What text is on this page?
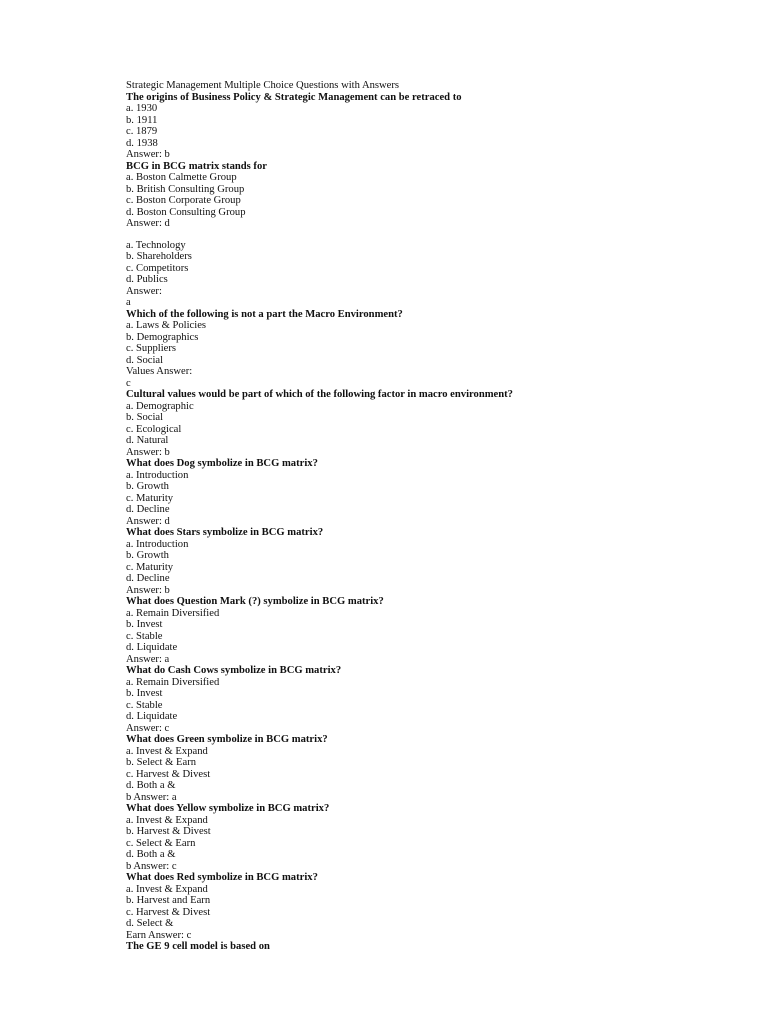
Strategic Management Multiple Choice Questions with Answers
The origins of Business Policy & Strategic Management can be retraced to
a. 1930
b. 1911
c. 1879
d. 1938
Answer: b
BCG in BCG matrix stands for
a. Boston Calmette Group
b. British Consulting Group
c. Boston Corporate Group
d. Boston Consulting Group
Answer: d
a. Technology
b. Shareholders
c. Competitors
d. Publics
Answer:
a
Which of the following is not a part the Macro Environment?
a. Laws & Policies
b. Demographics
c. Suppliers
d. Social
Values Answer:
c
Cultural values would be part of which of the following factor in macro environment?
a. Demographic
b. Social
c. Ecological
d. Natural
Answer: b
What does Dog symbolize in BCG matrix?
a. Introduction
b. Growth
c. Maturity
d. Decline
Answer: d
What does Stars symbolize in BCG matrix?
a. Introduction
b. Growth
c. Maturity
d. Decline
Answer: b
What does Question Mark (?) symbolize in BCG matrix?
a. Remain Diversified
b. Invest
c. Stable
d. Liquidate
Answer: a
What do Cash Cows symbolize in BCG matrix?
a. Remain Diversified
b. Invest
c. Stable
d. Liquidate
Answer: c
What does Green symbolize in BCG matrix?
a. Invest & Expand
b. Select & Earn
c. Harvest & Divest
d. Both a &
b Answer: a
What does Yellow symbolize in BCG matrix?
a. Invest & Expand
b. Harvest & Divest
c. Select & Earn
d. Both a &
b Answer: c
What does Red symbolize in BCG matrix?
a. Invest & Expand
b. Harvest and Earn
c. Harvest & Divest
d. Select &
Earn Answer: c
The GE 9 cell model is based on
